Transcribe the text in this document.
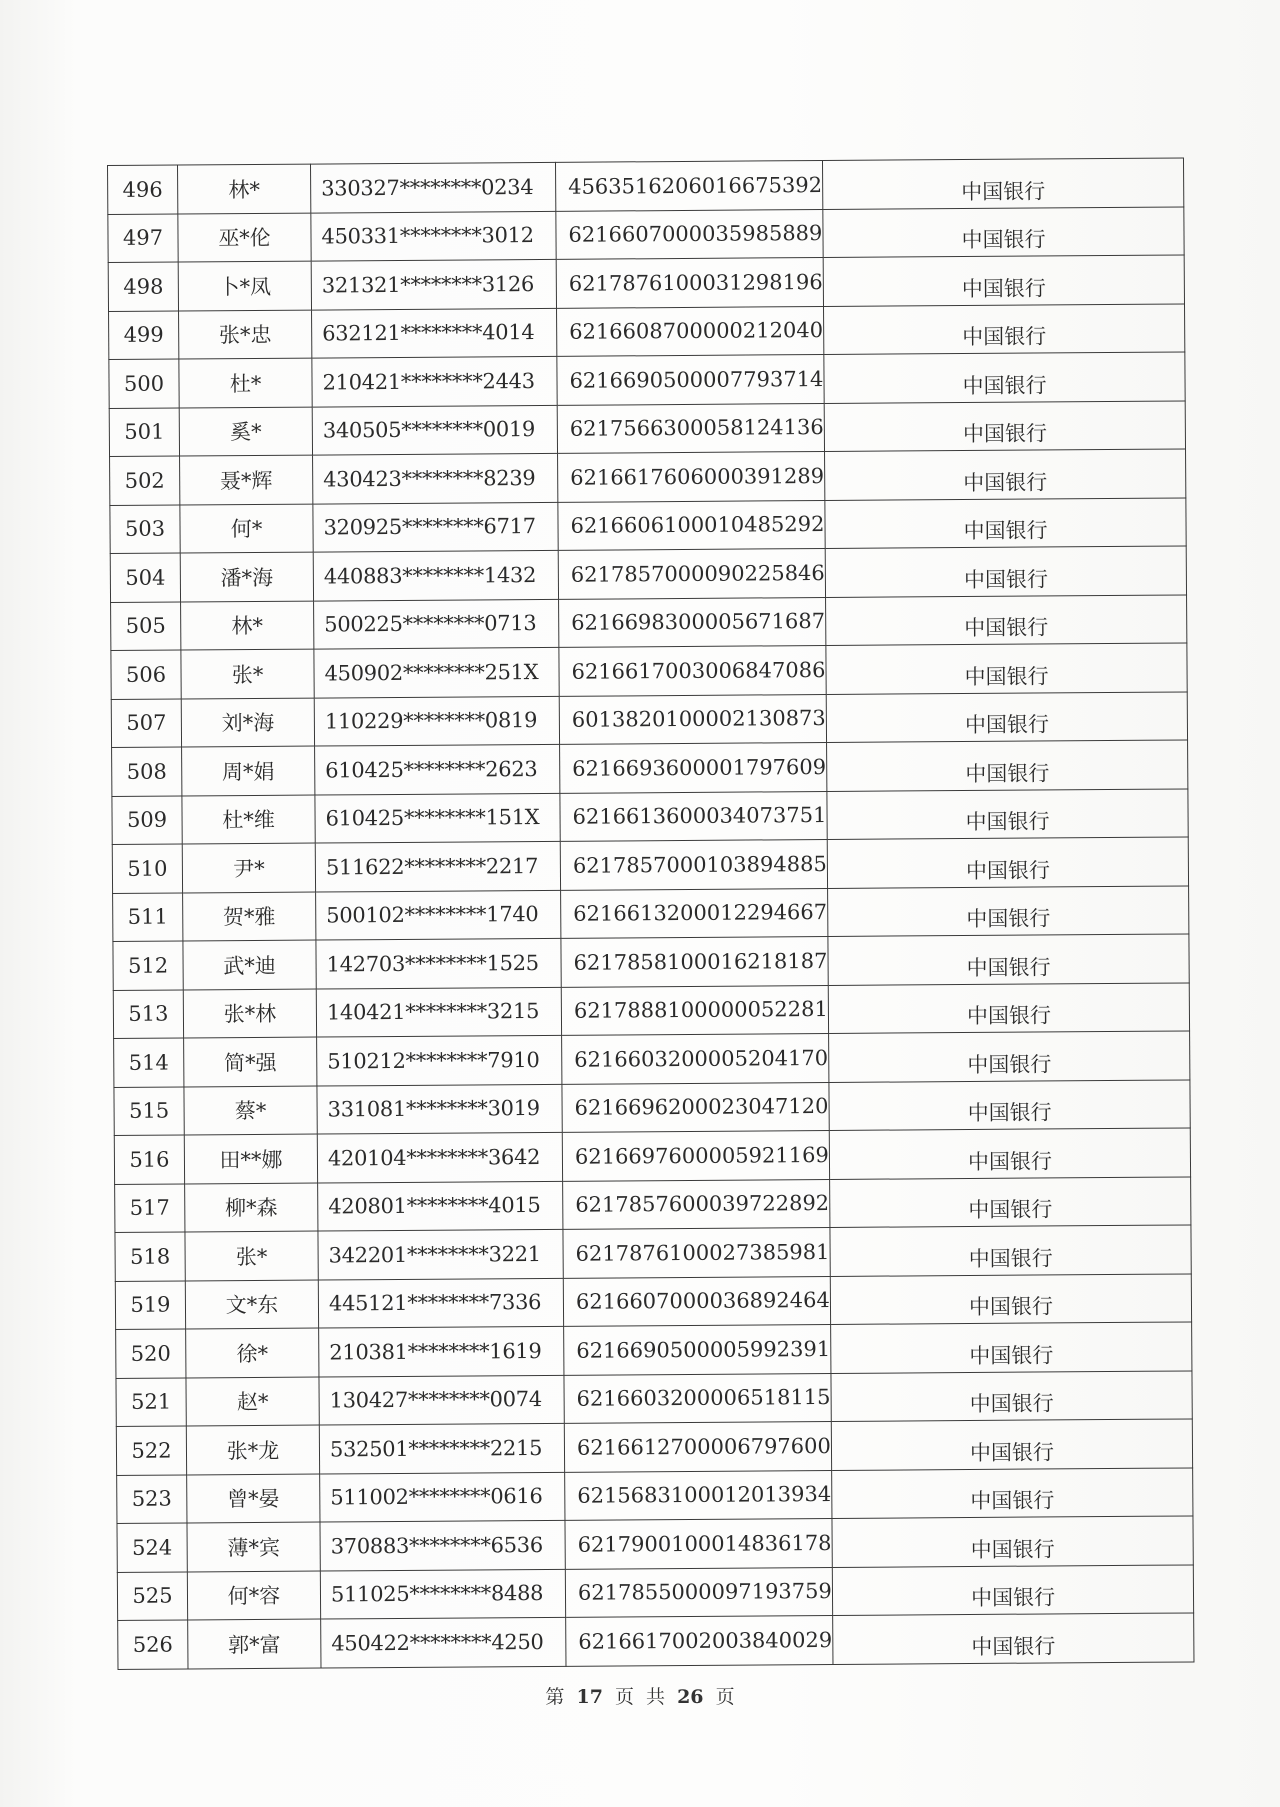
496	林*	330327********0234	4563516206016675392	中国银行
497	巫*伦	450331********3012	6216607000035985889	中国银行
498	卜*凤	321321********3126	6217876100031298196	中国银行
499	张*忠	632121********4014	6216608700000212040	中国银行
500	杜*	210421********2443	6216690500007793714	中国银行
501	奚*	340505********0019	6217566300058124136	中国银行
502	聂*辉	430423********8239	6216617606000391289	中国银行
503	何*	320925********6717	6216606100010485292	中国银行
504	潘*海	440883********1432	6217857000090225846	中国银行
505	林*	500225********0713	6216698300005671687	中国银行
506	张*	450902********251X	6216617003006847086	中国银行
507	刘*海	110229********0819	6013820100002130873	中国银行
508	周*娟	610425********2623	6216693600001797609	中国银行
509	杜*维	610425********151X	6216613600034073751	中国银行
510	尹*	511622********2217	6217857000103894885	中国银行
511	贺*雅	500102********1740	6216613200012294667	中国银行
512	武*迪	142703********1525	6217858100016218187	中国银行
513	张*林	140421********3215	6217888100000052281	中国银行
514	简*强	510212********7910	6216603200005204170	中国银行
515	蔡*	331081********3019	6216696200023047120	中国银行
516	田**娜	420104********3642	6216697600005921169	中国银行
517	柳*森	420801********4015	6217857600039722892	中国银行
518	张*	342201********3221	6217876100027385981	中国银行
519	文*东	445121********7336	6216607000036892464	中国银行
520	徐*	210381********1619	6216690500005992391	中国银行
521	赵*	130427********0074	6216603200006518115	中国银行
522	张*龙	532501********2215	6216612700006797600	中国银行
523	曾*晏	511002********0616	6215683100012013934	中国银行
524	薄*宾	370883********6536	6217900100014836178	中国银行
525	何*容	511025********8488	6217855000097193759	中国银行
526	郭*富	450422********4250	6216617002003840029	中国银行
第 17 页 共 26 页
